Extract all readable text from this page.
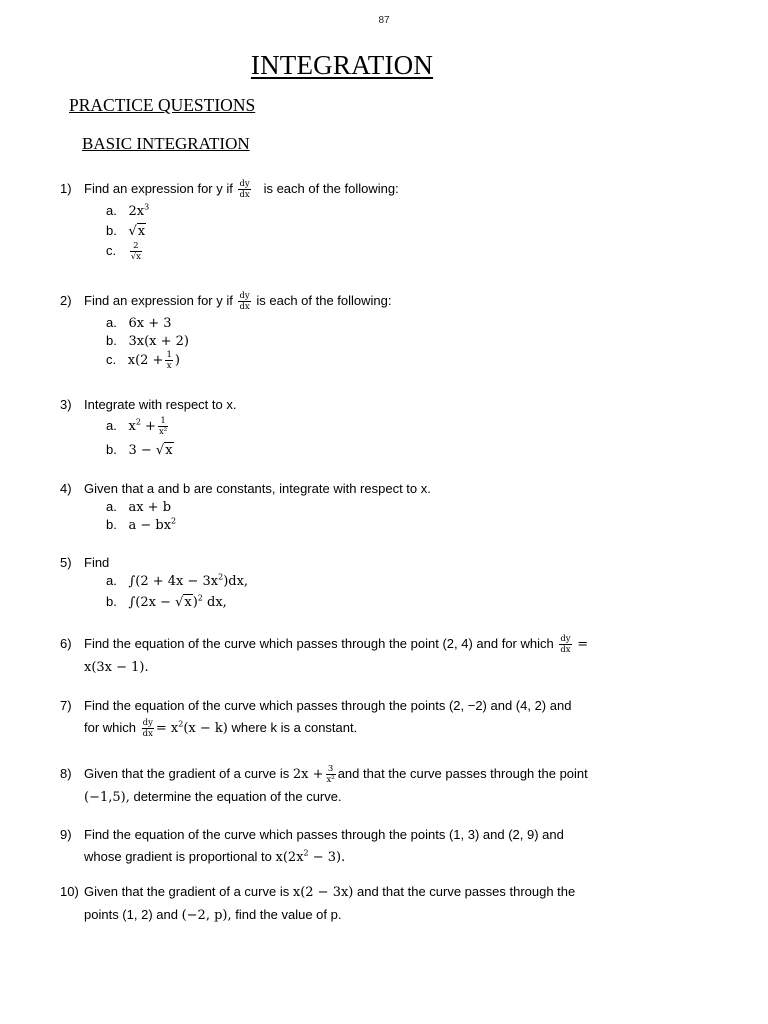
87
INTEGRATION
PRACTICE QUESTIONS
BASIC INTEGRATION
1) Find an expression for y if $\frac{dy}{dx}$ is each of the following:
a. $2x^3$
b. √x
c. $\frac{2}{√x}$
2) Find an expression for y if $\frac{dy}{dx}$ is each of the following:
a. 6x + 3
b. 3x(x + 2)
c. $x(2 + \frac{1}{x}$ )
3) Integrate with respect to x.
a. $x^2 + \frac{1}{\text{x²}}$
b. 3 − √x
4) Given that a and b are constants, integrate with respect to x.
a. ax + b
b. $a - bx^2$
5) Find
a. $\int(2 + 4x - 3x^2)dx$,
b. $\int(2x - √x)^2$ dx,
6) Find the equation of the curve which passes through the point (2, 4) and for which $\frac{dy}{dx}$ =
x(3x − 1).
7) Find the equation of the curve which passes through the points (2, −2) and (4, 2) and
for which $\frac{dy}{dx} = x^2(x - k)$ where k is a constant.
8) Given that the gradient of a curve is $2x + \frac{3}{\text{x²}}$ and that the curve passes through the point
(−1,5), determine the equation of the curve.
9) Find the equation of the curve which passes through the points (1, 3) and (2, 9) and
whose gradient is proportional to $x(2x^2 - 3)$.
10) Given that the gradient of a curve is x(2 − 3x) and that the curve passes through the
points (1, 2) and (−2, p), find the value of p.
